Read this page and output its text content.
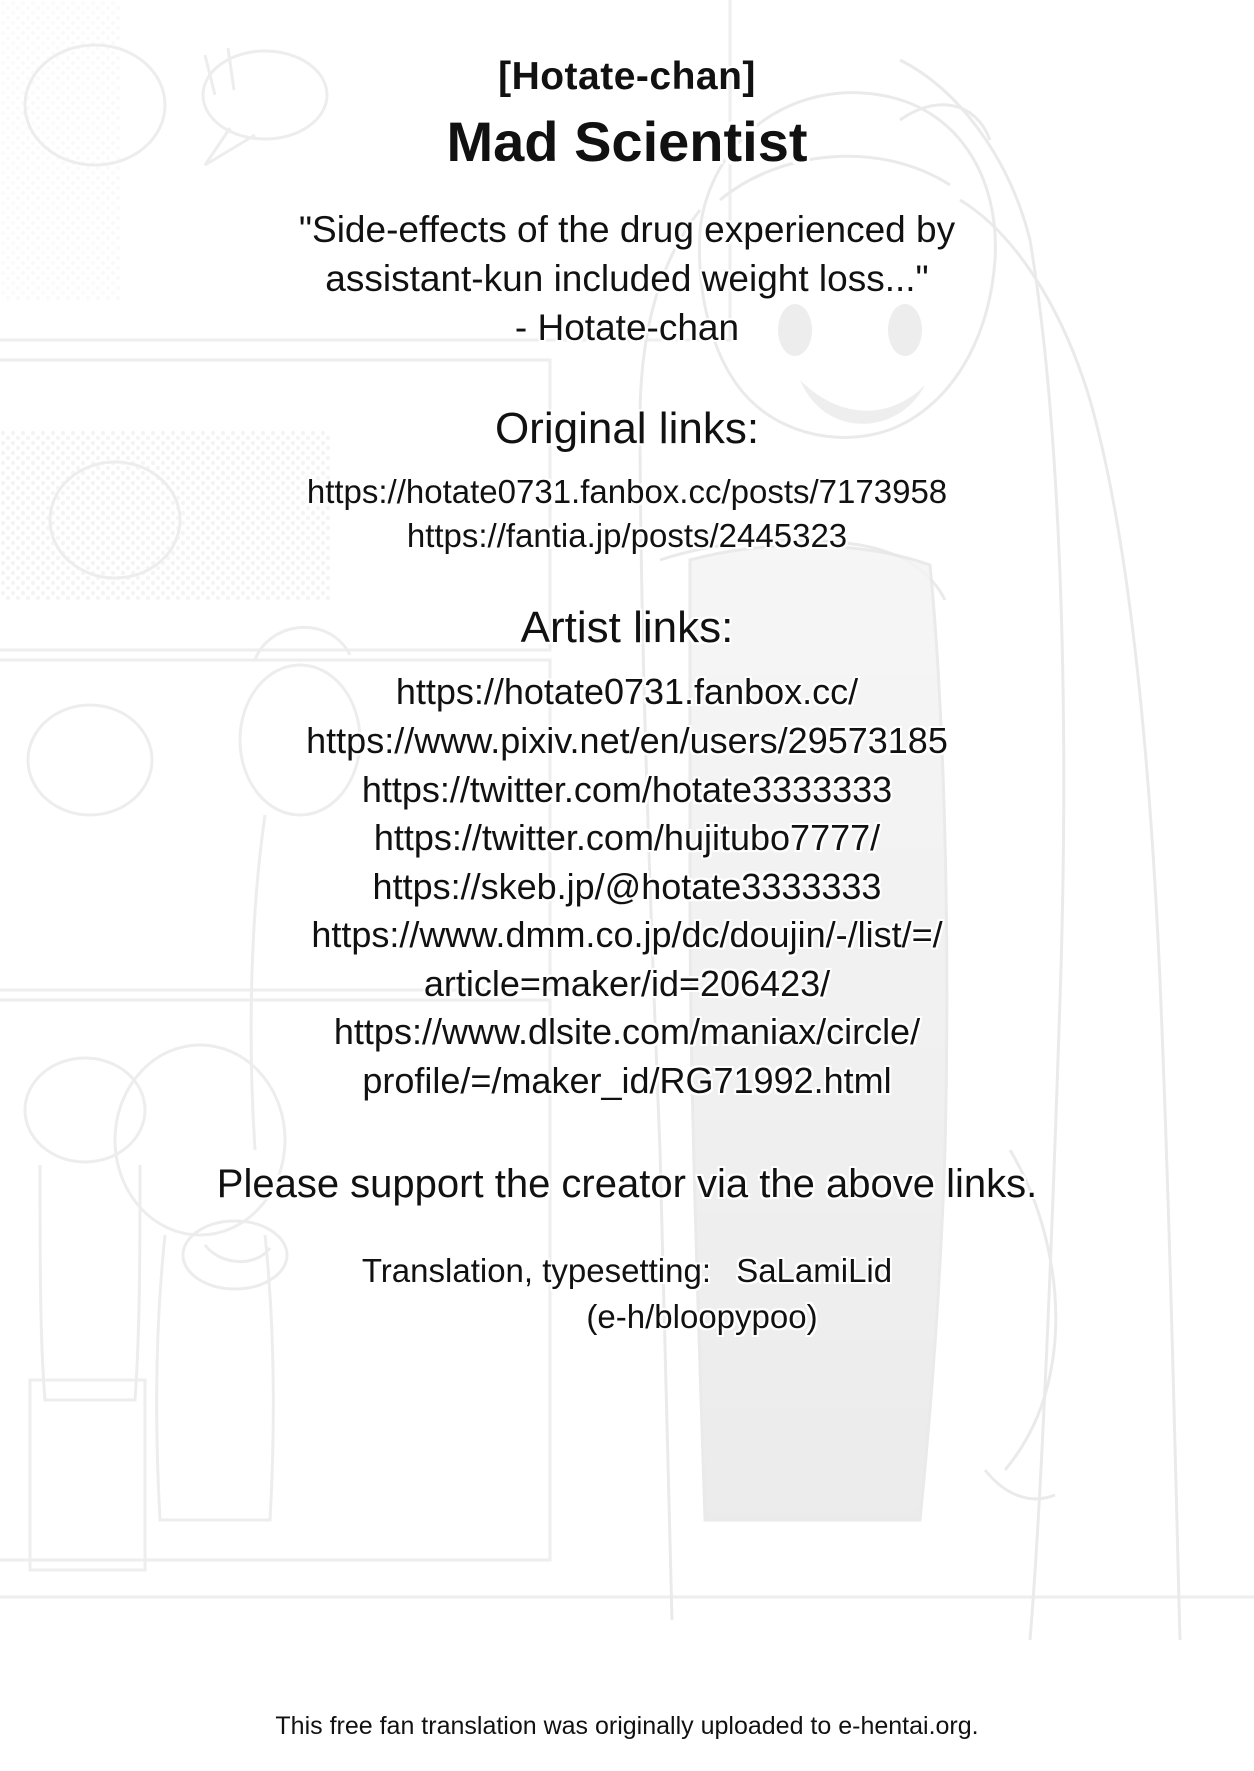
[Hotate-chan]
Mad Scientist
"Side-effects of the drug experienced by
assistant-kun included weight loss..."
- Hotate-chan
Original links:
https://hotate0731.fanbox.cc/posts/7173958
https://fantia.jp/posts/2445323
Artist links:
https://hotate0731.fanbox.cc/
https://www.pixiv.net/en/users/29573185
https://twitter.com/hotate3333333
https://twitter.com/hujitubo7777/
https://skeb.jp/@hotate3333333
https://www.dmm.co.jp/dc/doujin/-/list/=/
article=maker/id=206423/
https://www.dlsite.com/maniax/circle/
profile/=/maker_id/RG71992.html
Please support the creator via the above links.
Translation, typesetting: SaLamiLid
(e-h/bloopypoo)
This free fan translation was originally uploaded to e-hentai.org.
